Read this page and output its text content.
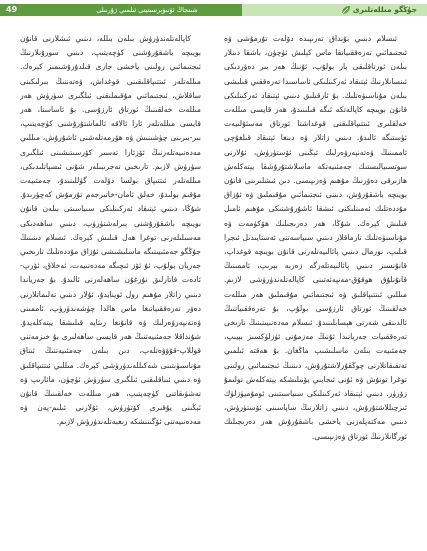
49	شىنجاڭ ئۇنىۋېرسىتېتى ئىلمىي ژۇرنىلى	جۇڭگو مىللەتلىرى

ئىسلام دىنىي بۇنداق تەرىپىدە دۆلەت تۇرمۇشى ۋە ئىجتىمائىي تەرەققىياتقا ماس كېلىش ئۈچۈن، باشقا دىنلار بىلەن ئورتاقلىقى بار بولۇپ، ئۇنىڭ ھەر بىر دەۋردىكى ئىنسانلارنىڭ ئېتىقاد ئەركىنلىكى ئاساسىدا تەرەققىي قىلىشى بىلەن مۇناسىۋەتلىك. بۇ ئارقىلىق دىنىي ئېتىقاد ئەركىنلىكى قانۇن بويىچە كاپالەتكە ئىگە قىلىنىدۇ، ھەر قايسى مىللەت خەلقلىرى ئىتتىپاقلىقنى قوغداشتا ئورتاق مەسئۇلىيەت ئۈستىگە ئالىدۇ. دىنىي زاتلار ۋە دىنغا ئېتىقاد قىلغۇچى ئاممىنىڭ ۋەتەنپەرۋەرلىك ئېڭىنى ئۆستۈرۈش، ئۇلارنى سوتسىيالىستىك جەمئىيەتكە ماسلاشتۇرۇشقا يېتەكلەش ھازىرقى دەۋرنىڭ مۇھىم ۋەزىپىسى. دىن ئىشلىرىنى قانۇن بويىچە باشقۇرۇش، دىننى ئىجتىمائىي مۇقىملىق ۋە ئۇزاق مۇددەتلىك ئەمىنلىكنى ئىشقا ئاشۇرۇشتىكى مۇھىم ئامىل قىلىش كېرەك. شۇڭا، ھەر دەرىجىلىك ھۆكۈمەت ۋە مۇناسىۋەتلىك تارماقلار دىنىي سىياسەتنى ئەستايىدىل ئىجرا قىلىپ، نورمال دىنىي پائالىيەتلەرنى قانۇن بويىچە قوغداپ، قانۇنسىز دىنىي پائالىيەتلەرگە زەربە بېرىپ، ئاممىنىڭ قانۇنلۇق ھوقۇق-مەنپەئەتىنى كاپالەتلەندۈرۈشى لازىم. مىللىي ئىتتىپاقلىق ۋە ئىجتىمائىي مۇقىملىق ھەر مىللەت خەلقىنىڭ ئورتاق ئارزۇسى بولۇپ، بۇ تەرەققىياتنىڭ ئالدىنقى شەرتى ھېسابلىنىدۇ. ئىسلام مەدەنىيىتىنىڭ تارىخى تەرەققىيات جەريانىدا ئۇنىڭ مەزمۇنى ئۈزلۈكسىز بېيىپ، جەمئىيەت بىلەن ماسلىشىپ ماڭغان. بۇ ھەقتە ئىلمىي تەتقىقاتلارنى چوڭقۇرلاشتۇرۇش، دىننىڭ ئىجتىمائىي رولىنى توغرا تونۇش ۋە ئۇنى ئىجابىي يۆنىلىشكە يېتەكلەش تولىمۇ زۆرۈر. دىنىي ئېتىقاد ئەركىنلىكى سىياسىتىنى ئومۇميۈزلۈك ئىزچىللاشتۇرۇش، دىنىي زاتلارنىڭ ساپاسىنى ئۆستۈرۈش، دىنىي مەكتەپلەرنى ياخشى باشقۇرۇش ھەر دەرىجىلىك ئورگانلارنىڭ ئورتاق ۋەزىپىسى.

كاپالەتلەندۈرۈش بىلەن بىللە، دىنىي ئىشلارنى قانۇن بويىچە باشقۇرۇشنى كۈچەيتىپ، دىنىي سورۇنلارنىڭ ئىجتىمائىي رولىنى ياخشى جارى قىلدۇرۇشىمىز كېرەك. مىللەتلەر ئىتتىپاقلىقىنى قوغداش، ۋەتەننىڭ بىرلىكىنى ساقلاش، ئىجتىمائىي مۇقىملىقنى ئىلگىرى سۈرۈش ھەر مىللەت خەلقىنىڭ ئورتاق ئارزۇسى. بۇ ئاساستا، ھەر قايسى مىللەتلەر ئارا ئالاقە ئالماشتۇرۇشنى كۈچەيتىپ، بىر-بىرىنى چۈشىنىش ۋە ھۆرمەتلەشنى ئاشۇرۇش، مىللىي مەدەنىيەتلەرنىڭ ئۆزئارا تەسىر كۆرسىتىشىنى ئىلگىرى سۈرۈش لازىم. تارىخىي تەجرىبىلەر شۇنى ئىسپاتلىدىكى، مىللەتلەر ئىتتىپاق بولسا دۆلەت گۈللىنىدۇ، جەمئىيەت مۇقىم بولىدۇ، خەلق ئامان-خاتىرجەم تۇرمۇش كەچۈرىدۇ. شۇڭا، دىنىي ئېتىقاد ئەركىنلىكى سىياسىتى بىلەن قانۇن بويىچە باشقۇرۇشنى بىرلەشتۈرۈپ، دىنىي ساھەدىكى مەسىلىلەرنى توغرا ھەل قىلىش كېرەك. ئىسلام دىنىنىڭ جۇڭگو جەمئىيىتىگە ماسلىشىشى ئۇزاق مۇددەتلىك تارىخىي جەريان بولۇپ، ئۇ ئۆز ئىچىگە مەدەنىيەت، ئەخلاق، ئۆرپ-ئادەت قاتارلىق نۇرغۇن ساھەلەرنى ئالىدۇ. بۇ جەرياندا دىنىي زاتلار مۇھىم رول ئوينايدۇ، ئۇلار دىنىي تەلىماتلارنى دەۋر تەرەققىياتىغا ماس ھالدا چۈشەندۈرۈپ، ئاممىنى ۋەتەنپەرۋەرلىك ۋە قانۇنغا رىئايە قىلىشقا يېتەكلەيدۇ. شۇنداقلا جەمئىيەتنىڭ ھەر قايسى ساھەلىرى بۇ خىزمەتنى قوللاپ-قۇۋۋەتلەپ، دىن بىلەن جەمئىيەتنىڭ ئىناق مۇناسىۋىتىنى شەكىللەندۈرۈشى كېرەك. مىللىي ئىتتىپاقلىق ۋە دىنىي ئىناقلىقنى ئىلگىرى سۈرۈش ئۈچۈن، مائارىپ ۋە تەشۋىقاتنى كۈچەيتىپ، ھەر مىللەت خەلقىنىڭ قانۇن ئېڭىنى يۇقىرى كۆتۈرۈش، ئۇلارنى ئىلىم-پەن ۋە مەدەنىيەتنى ئۆگىنىشكە رىغبەتلەندۈرۈش لازىم.
